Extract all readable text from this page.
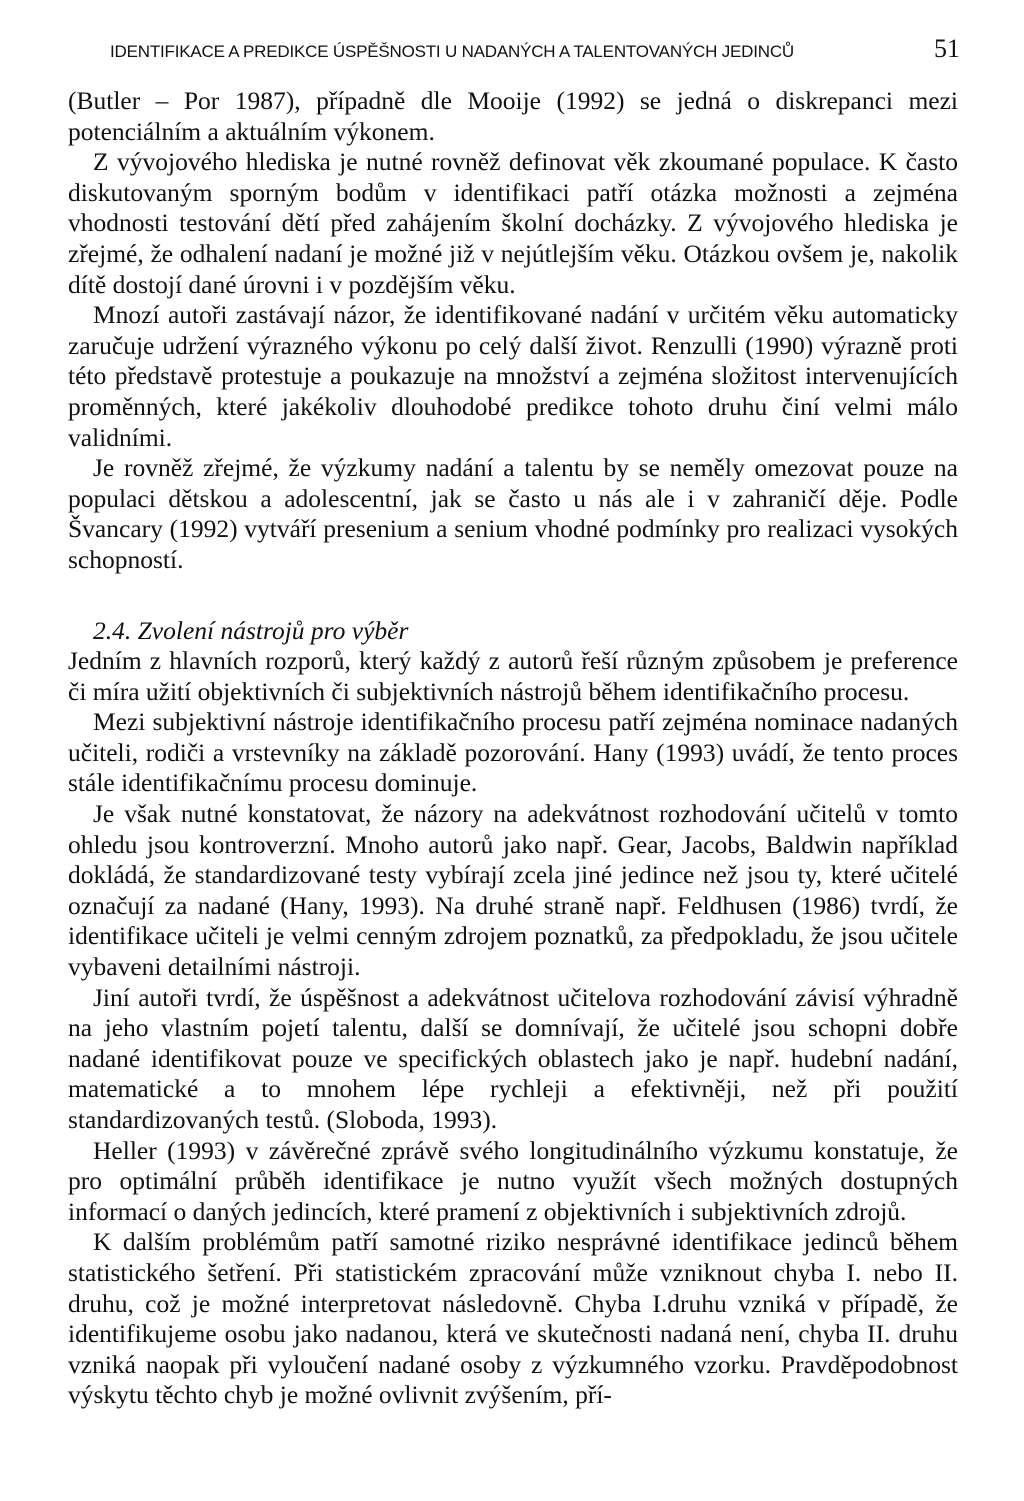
IDENTIFIKACE A PREDIKCE ÚSPĚŠNOSTI U NADANÝCH A TALENTOVANÝCH JEDINCŮ	51

(Butler – Por 1987), případně dle Mooije (1992) se jedná o diskrepanci mezi potenciálním a aktuálním výkonem.

Z vývojového hlediska je nutné rovněž definovat věk zkoumané populace. K často diskutovaným sporným bodům v identifikaci patří otázka možnosti a zejména vhodnosti testování dětí před zahájením školní docházky. Z vývojového hlediska je zřejmé, že odhalení nadaní je možné již v nejútlejším věku. Otázkou ovšem je, nakolik dítě dostojí dané úrovni i v pozdějším věku.

Mnozí autoři zastávají názor, že identifikované nadání v určitém věku automaticky zaručuje udržení výrazného výkonu po celý další život. Renzulli (1990) výrazně proti této představě protestuje a poukazuje na množství a zejména složitost intervenujících proměnných, které jakékoliv dlouhodobé predikce tohoto druhu činí velmi málo validními.

Je rovněž zřejmé, že výzkumy nadání a talentu by se neměly omezovat pouze na populaci dětskou a adolescentní, jak se často u nás ale i v zahraničí děje. Podle Švancary (1992) vytváří presenium a senium vhodné podmínky pro realizaci vysokých schopností.

2.4. Zvolení nástrojů pro výběr

Jedním z hlavních rozporů, který každý z autorů řeší různým způsobem je preference či míra užití objektivních či subjektivních nástrojů během identifikačního procesu.

Mezi subjektivní nástroje identifikačního procesu patří zejména nominace nadaných učiteli, rodiči a vrstevníky na základě pozorování. Hany (1993) uvádí, že tento proces stále identifikačnímu procesu dominuje.

Je však nutné konstatovat, že názory na adekvátnost rozhodování učitelů v tomto ohledu jsou kontroverzní. Mnoho autorů jako např. Gear, Jacobs, Baldwin například dokládá, že standardizované testy vybírají zcela jiné jedince než jsou ty, které učitelé označují za nadané (Hany, 1993). Na druhé straně např. Feldhusen (1986) tvrdí, že identifikace učiteli je velmi cenným zdrojem poznatků, za předpokladu, že jsou učitele vybaveni detailními nástroji.

Jiní autoři tvrdí, že úspěšnost a adekvátnost učitelova rozhodování závisí výhradně na jeho vlastním pojetí talentu, další se domnívají, že učitelé jsou schopni dobře nadané identifikovat pouze ve specifických oblastech jako je např. hudební nadání, matematické a to mnohem lépe rychleji a efektivněji, než při použití standardizovaných testů. (Sloboda, 1993).

Heller (1993) v závěrečné zprávě svého longitudinálního výzkumu konstatuje, že pro optimální průběh identifikace je nutno využít všech možných dostupných informací o daných jedincích, které pramení z objektivních i subjektivních zdrojů.

K dalším problémům patří samotné riziko nesprávné identifikace jedinců během statistického šetření. Při statistickém zpracování může vzniknout chyba I. nebo II. druhu, což je možné interpretovat následovně. Chyba I.druhu vzniká v případě, že identifikujeme osobu jako nadanou, která ve skutečnosti nadaná není, chyba II. druhu vzniká naopak při vyloučení nadané osoby z výzkumného vzorku. Pravděpodobnost výskytu těchto chyb je možné ovlivnit zvýšením, pří-
